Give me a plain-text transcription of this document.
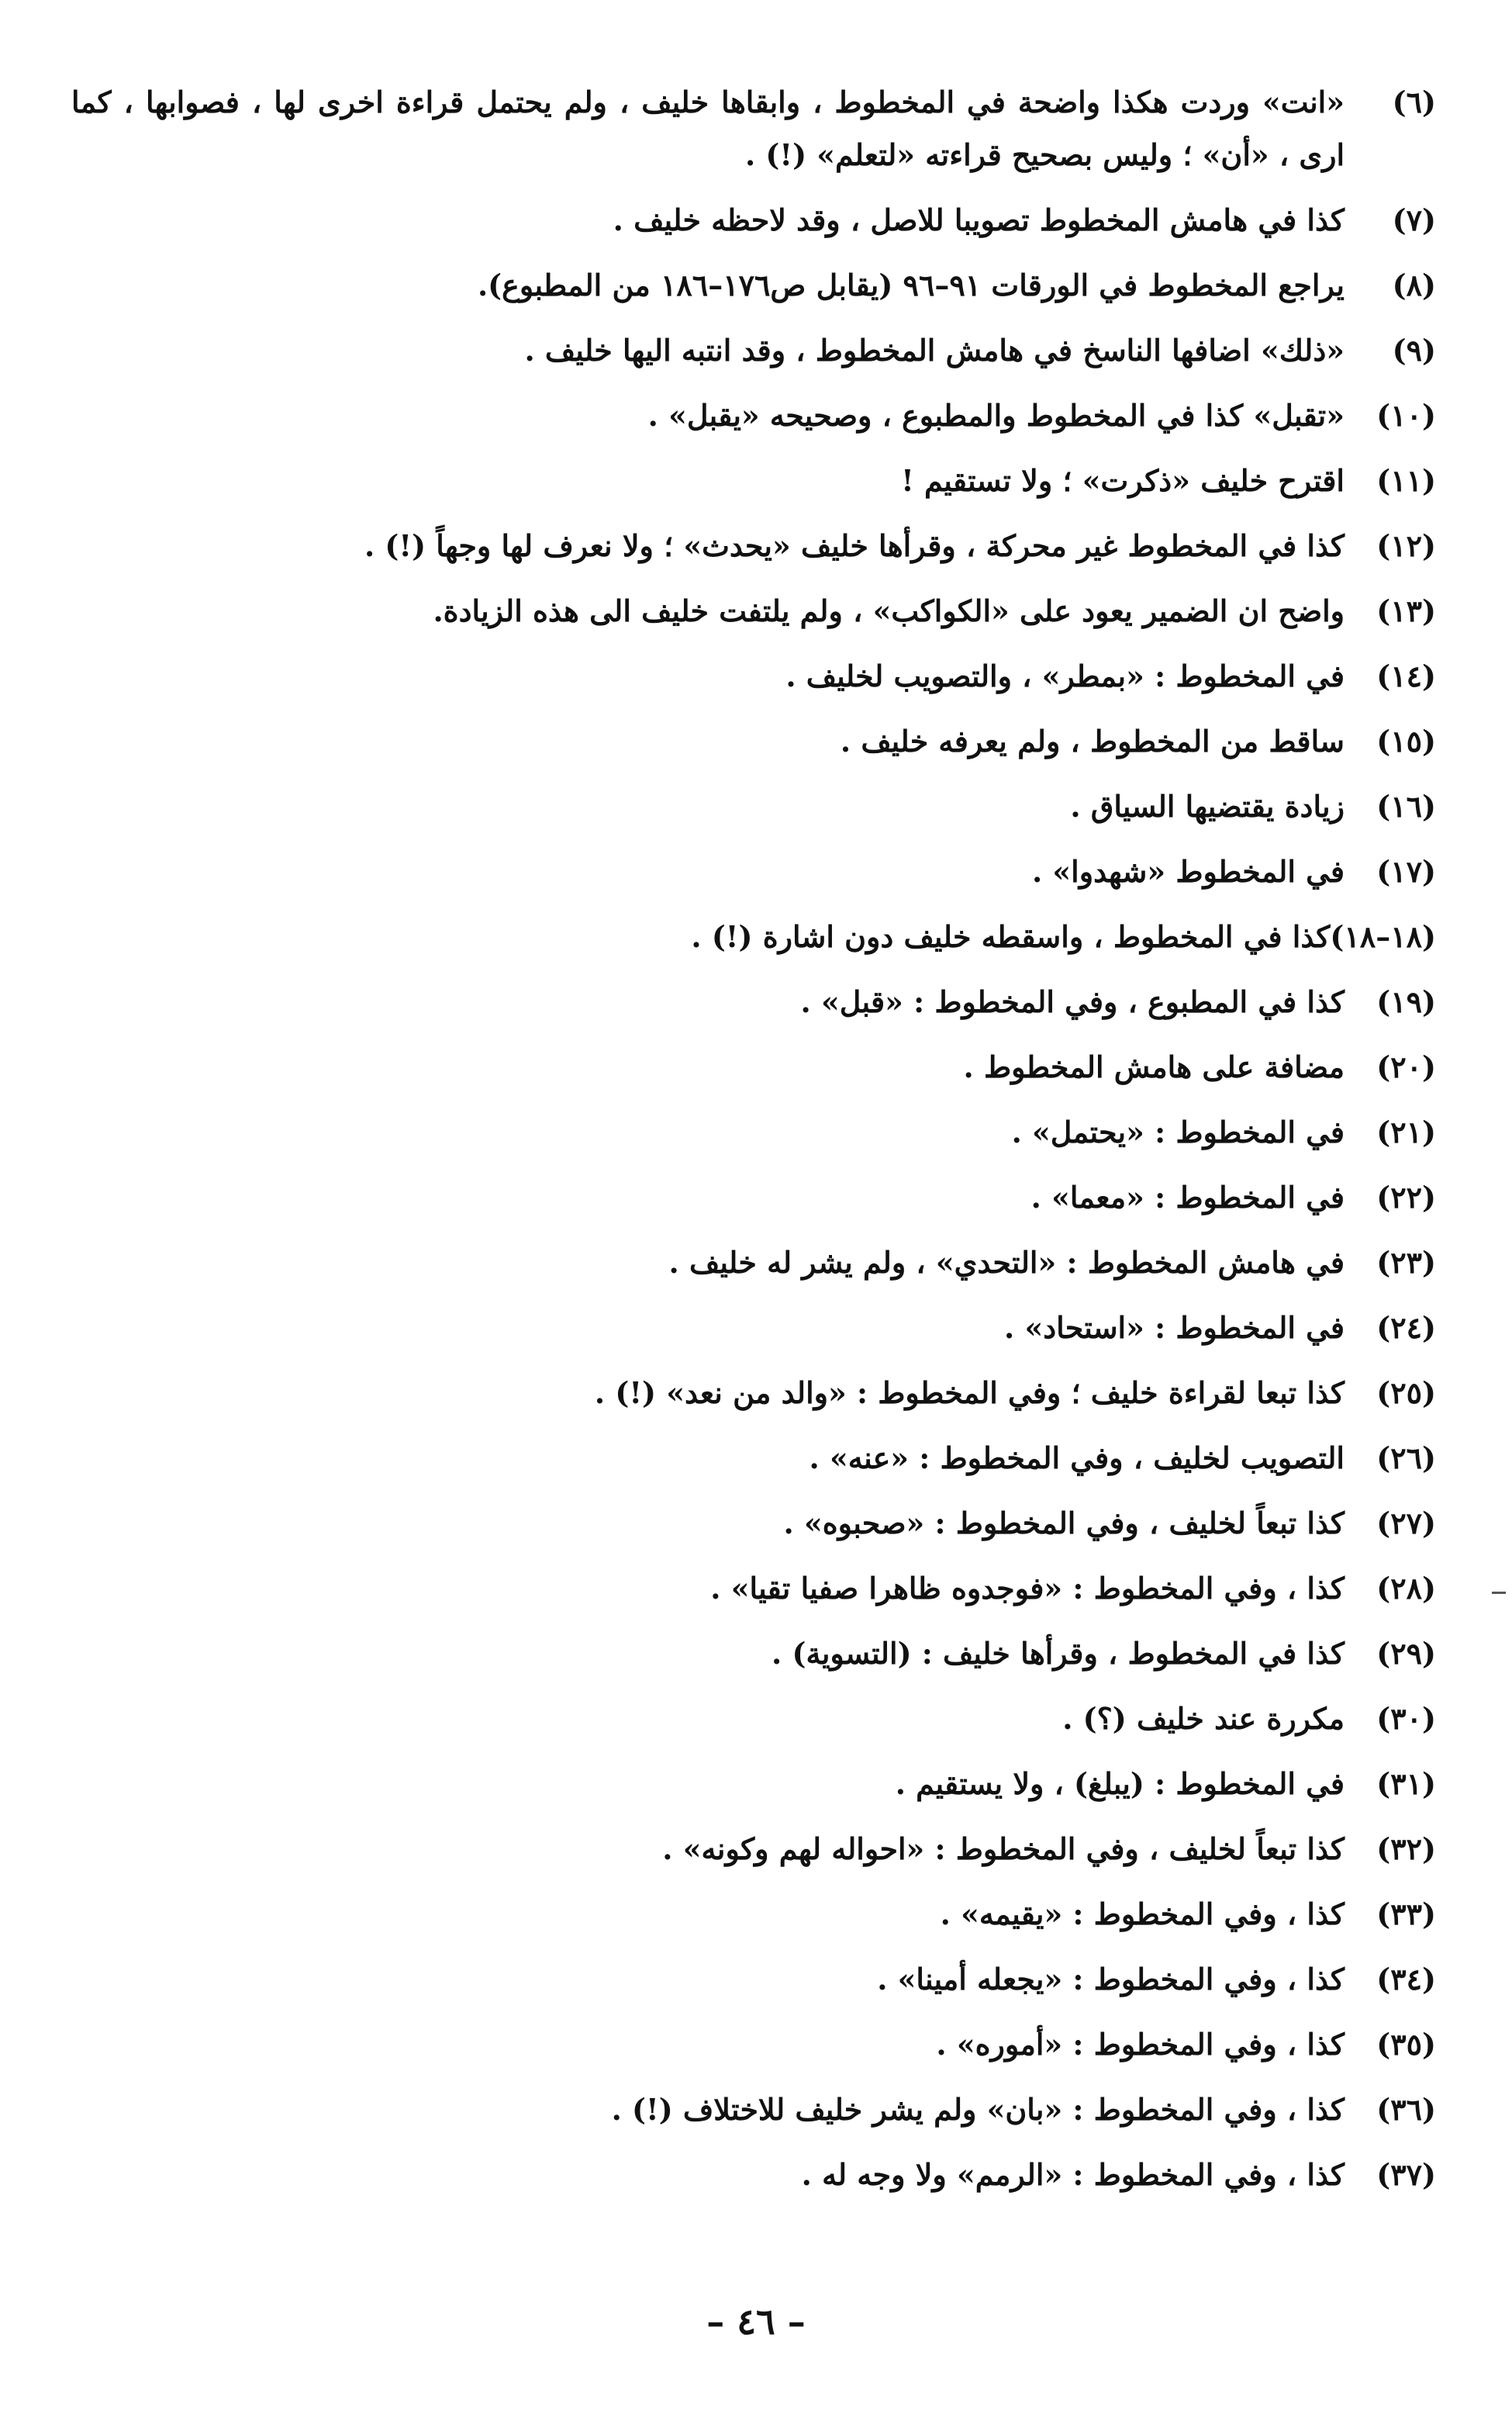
(٦)
«انت» وردت هكذا واضحة في المخطوط ، وابقاها خليف ، ولم يحتمل قراءة اخرى لها ، فصوابها ، كما ارى ، «أن» ؛ وليس بصحيح قراءته «لتعلم» (!) .
(٧)
كذا في هامش المخطوط تصويبا للاصل ، وقد لاحظه خليف .
(٨)
يراجع المخطوط في الورقات ٩١–٩٦ (يقابل ص١٧٦–١٨٦ من المطبوع).
(٩)
«ذلك» اضافها الناسخ في هامش المخطوط ، وقد انتبه اليها خليف .
(١٠)
«تقبل» كذا في المخطوط والمطبوع ، وصحيحه «يقبل» .
(١١)
اقترح خليف «ذكرت» ؛ ولا تستقيم !
(١٢)
كذا في المخطوط غير محركة ، وقرأها خليف «يحدث» ؛ ولا نعرف لها وجهاً (!) .
(١٣)
واضح ان الضمير يعود على «الكواكب» ، ولم يلتفت خليف الى هذه الزيادة.
(١٤)
في المخطوط : «بمطر» ، والتصويب لخليف .
(١٥)
ساقط من المخطوط ، ولم يعرفه خليف .
(١٦)
زيادة يقتضيها السياق .
(١٧)
في المخطوط «شهدوا» .
(١٨–١٨)
كذا في المخطوط ، واسقطه خليف دون اشارة (!) .
(١٩)
كذا في المطبوع ، وفي المخطوط : «قبل» .
(٢٠)
مضافة على هامش المخطوط .
(٢١)
في المخطوط : «يحتمل» .
(٢٢)
في المخطوط : «معما» .
(٢٣)
في هامش المخطوط : «التحدي» ، ولم يشر له خليف .
(٢٤)
في المخطوط : «استحاد» .
(٢٥)
كذا تبعا لقراءة خليف ؛ وفي المخطوط : «والد من نعد» (!) .
(٢٦)
التصويب لخليف ، وفي المخطوط : «عنه» .
(٢٧)
كذا تبعاً لخليف ، وفي المخطوط : «صحبوه» .
(٢٨)
كذا ، وفي المخطوط : «فوجدوه ظاهرا صفيا تقيا» .
(٢٩)
كذا في المخطوط ، وقرأها خليف : (التسوية) .
(٣٠)
مكررة عند خليف (؟) .
(٣١)
في المخطوط : (يبلغ) ، ولا يستقيم .
(٣٢)
كذا تبعاً لخليف ، وفي المخطوط : «احواله لهم وكونه» .
(٣٣)
كذا ، وفي المخطوط : «يقيمه» .
(٣٤)
كذا ، وفي المخطوط : «يجعله أمينا» .
(٣٥)
كذا ، وفي المخطوط : «أموره» .
(٣٦)
كذا ، وفي المخطوط : «بان» ولم يشر خليف للاختلاف (!) .
(٣٧)
كذا ، وفي المخطوط : «الرمم» ولا وجه له .
– ٤٦ –
